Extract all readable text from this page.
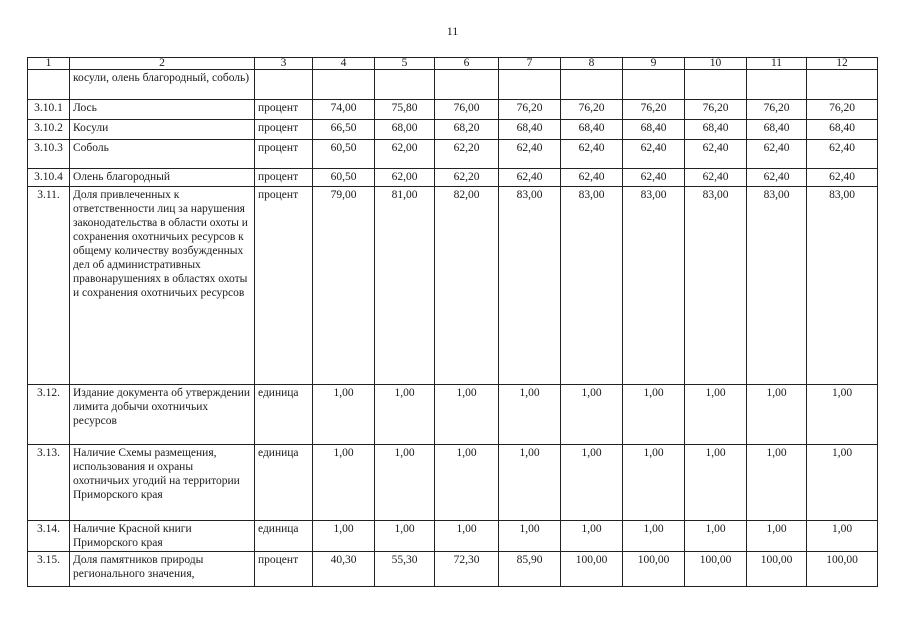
11
1	2	3	4	5	6	7	8	9	10	11	12
	косули, олень благородный, соболь)										
3.10.1	Лось	процент	74,00	75,80	76,00	76,20	76,20	76,20	76,20	76,20	76,20
3.10.2	Косули	процент	66,50	68,00	68,20	68,40	68,40	68,40	68,40	68,40	68,40
3.10.3	Соболь	процент	60,50	62,00	62,20	62,40	62,40	62,40	62,40	62,40	62,40
3.10.4	Олень благородный	процент	60,50	62,00	62,20	62,40	62,40	62,40	62,40	62,40	62,40
3.11.	Доля привлеченных к ответственности лиц за нарушения законодательства в области охоты и сохранения охотничьих ресурсов к общему количеству возбужденных дел об административных правонарушениях в областях охоты и сохранения охотничьих ресурсов	процент	79,00	81,00	82,00	83,00	83,00	83,00	83,00	83,00	83,00
3.12.	Издание документа об утверждении лимита добычи охотничьих ресурсов	единица	1,00	1,00	1,00	1,00	1,00	1,00	1,00	1,00	1,00
3.13.	Наличие Схемы размещения, использования и охраны охотничьих угодий на территории Приморского края	единица	1,00	1,00	1,00	1,00	1,00	1,00	1,00	1,00	1,00
3.14.	Наличие Красной книги Приморского края	единица	1,00	1,00	1,00	1,00	1,00	1,00	1,00	1,00	1,00
3.15.	Доля памятников природы регионального значения,	процент	40,30	55,30	72,30	85,90	100,00	100,00	100,00	100,00	100,00
